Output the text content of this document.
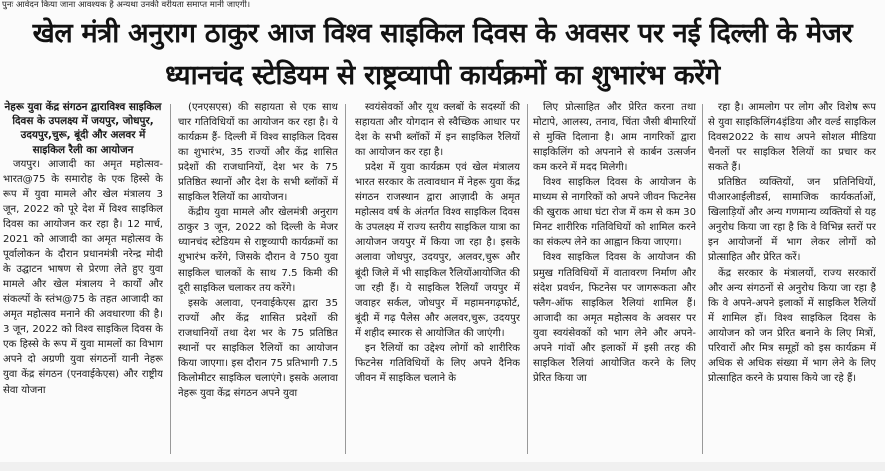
पुनः आवेदन किया जाना आवश्यक है अन्यथा उनकी वरीयता समाप्त मानी जाएगी।
खेल मंत्री अनुराग ठाकुर आज विश्व साइकिल दिवस के अवसर पर नई दिल्ली के मेजर
ध्यानचंद स्टेडियम से राष्ट्रव्यापी कार्यक्रमों का शुभारंभ करेंगे

नेहरू युवा केंद्र संगठन द्वाराविश्व साइकिल दिवस के उपलक्ष्य में जयपुर, जोधपुर, उदयपुर,चुरू, बूंदी और अलवर में साइकिल रैली का आयोजन

जयपुर। आजादी का अमृत महोत्सव-भारत@75 के समारोह के एक हिस्से के रूप में युवा मामले और खेल मंत्रालय 3 जून, 2022 को पूरे देश में विश्व साइकिल दिवस का आयोजन कर रहा है। 12 मार्च, 2021 को आजादी का अमृत महोत्सव के पूर्वालोकन के दौरान प्रधानमंत्री नरेन्द्र मोदी के उद्घाटन भाषण से प्रेरणा लेते हुए युवा मामले और खेल मंत्रालय ने कार्यों और संकल्पों के स्तंभ@75 के तहत आजादी का अमृत महोत्सव मनाने की अवधारणा की है।3 जून, 2022 को विश्व साइकिल दिवस के एक हिस्से के रूप में युवा मामलों का विभाग अपने दो अग्रणी युवा संगठनों यानी नेहरू युवा केंद्र संगठन (एनवाईकेएस) और राष्ट्रीय सेवा योजना

(एनएसएस) की सहायता से एक साथ चार गतिविधियों का आयोजन कर रहा है। ये कार्यक्रम हैं- दिल्ली में विश्व साइकिल दिवस का शुभारंभ, 35 राज्यों और केंद्र शासित प्रदेशों की राजधानियों, देश भर के 75 प्रतिष्ठित स्थानों और देश के सभी ब्लॉकों में साइकिल रैलियों का आयोजन।

केंद्रीय युवा मामले और खेलमंत्री अनुराग ठाकुर 3 जून, 2022 को दिल्ली के मेजर ध्यानचंद स्टेडियम से राष्ट्रव्यापी कार्यक्रमों का शुभारंभ करेंगे, जिसके दौरान वे 750 युवा साइकिल चालकों के साथ 7.5 किमी की दूरी साइकिल चलाकर तय करेंगे।

इसके अलावा, एनवाईकेएस द्वारा 35 राज्यों और केंद्र शासित प्रदेशों की राजधानियों तथा देश भर के 75 प्रतिष्ठित स्थानों पर साइकिल रैलियों का आयोजन किया जाएगा। इस दौरान 75 प्रतिभागी 7.5 किलोमीटर साइकिल चलाएंगे। इसके अलावा नेहरू युवा केंद्र संगठन अपने युवा

स्वयंसेवकों और यूथ क्लबों के सदस्यों की सहायता और योगदान से स्वैच्छिक आधार पर देश के सभी ब्लॉकों में इन साइकिल रैलियों का आयोजन कर रहा है।

प्रदेश में युवा कार्यक्रम एवं खेल मंत्रालय भारत सरकार के तत्वावधान में नेहरू युवा केंद्र संगठन राजस्थान द्वारा आज़ादी के अमृत महोत्सव वर्ष के अंतर्गत विश्व साइकिल दिवस के उपलक्ष्य में राज्य स्तरीय साइकिल यात्रा का आयोजन जयपुर में किया जा रहा है। इसके अलावा जोधपुर, उदयपुर, अलवर,चुरू और बूंदी जिले में भी साइकिल रैलियोंआयोजित की जा रही हैं। ये साइकिल रैलियाँ जयपुर में जवाहर सर्कल, जोधपुर में महामनगढ़फोर्ट, बूंदी में गढ़ पैलेस और अलवर,चुरू, उदयपुर में शहीद स्मारक से आयोजित की जाएंगी।

इन रैलियों का उद्देश्य लोगों को शारीरिक फिटनेस गतिविधियों के लिए अपने दैनिक जीवन में साइकिल चलाने के

लिए प्रोत्साहित और प्रेरित करना तथा मोटापे, आलस्य, तनाव, चिंता जैसी बीमारियों से मुक्ति दिलाना है। आम नागरिकों द्वारा साइकिलिंग को अपनाने से कार्बन उत्सर्जन कम करने में मदद मिलेगी।

विश्व साइकिल दिवस के आयोजन के माध्यम से नागरिकों को अपने जीवन फिटनेस की खुराक आधा घंटा रोज में कम से कम 30 मिनट शारीरिक गतिविधियों को शामिल करने का संकल्प लेने का आह्वान किया जाएगा।

विश्व साइकिल दिवस के आयोजन की प्रमुख गतिविधियों में वातावरण निर्माण और संदेश प्रवर्धन, फिटनेस पर जागरूकता और फ्लैग-ऑफ साइकिल रैलियां शामिल हैं। आजादी का अमृत महोत्सव के अवसर पर युवा स्वयंसेवकों को भाग लेने और अपने-अपने गांवों और इलाकों में इसी तरह की साइकिल रैलियां आयोजित करने के लिए प्रेरित किया जा

रहा है। आमलोग पर लोग और विशेष रूप से युवा साइकिलिंग4इंडिया और वर्ल्ड साइकिल दिवस2022 के साथ अपने सोशल मीडिया चैनलों पर साइकिल रैलियों का प्रचार कर सकते हैं।

प्रतिष्ठित व्यक्तियों, जन प्रतिनिधियों, पीआरआईलीडर्स, सामाजिक कार्यकर्ताओं, खिलाड़ियों और अन्य गणमान्य व्यक्तियों से यह अनुरोध किया जा रहा है कि वे विभिन्न स्तरों पर इन आयोजनों में भाग लेकर लोगों को प्रोत्साहित और प्रेरित करें।

केंद्र सरकार के मंत्रालयों, राज्य सरकारों और अन्य संगठनों से अनुरोध किया जा रहा है कि वे अपने-अपने इलाकों में साइकिल रैलियों में शामिल हों। विश्व साइकिल दिवस के आयोजन को जन प्रेरित बनाने के लिए मित्रों, परिवारों और मित्र समूहों को इस कार्यक्रम में अधिक से अधिक संख्या में भाग लेने के लिए प्रोत्साहित करने के प्रयास किये जा रहे हैं।
